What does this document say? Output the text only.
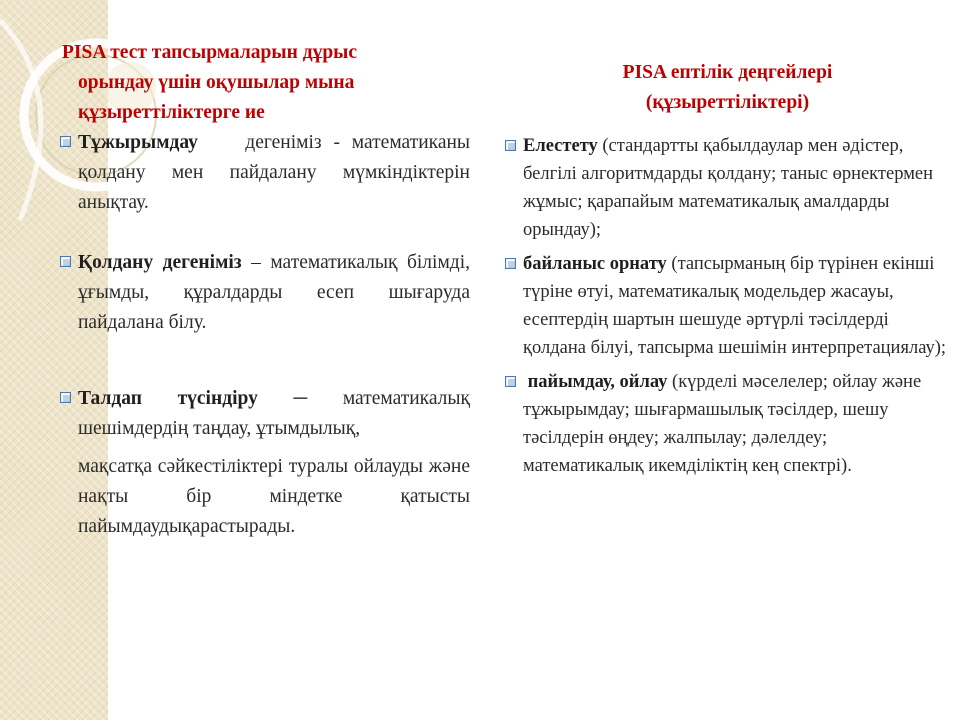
PISA тест тапсырмаларын дұрыс
орындау үшін оқушылар мына
құзыреттіліктерге ие
Тұжырымдау дегеніміз - математиканы қолдану мен пайдалану мүмкіндіктерін анықтау.
Қолдану дегеніміз – математикалық білімді, ұғымды, құралдарды есеп шығаруда пайдалана білу.
Талдап түсіндіру ─ математикалық шешімдердің таңдау, ұтымдылық,
мақсатқа сәйкестіліктері туралы ойлауды және нақты бір міндетке қатысты пайымдаудықарастырады.
PISA ептілік деңгейлері
(құзыреттіліктері)
Елестету (стандартты қабылдаулар мен әдістер, белгілі алгоритмдарды қолдану; таныс өрнектермен жұмыс; қарапайым математикалық амалдарды орындау);
байланыс орнату (тапсырманың бір түрінен екінші түріне өтуі, математикалық модельдер жасауы, есептердің шартын шешуде әртүрлі тәсілдерді қолдана білуі, тапсырма шешімін интерпретациялау);
пайымдау, ойлау (күрделі мәселелер; ойлау және тұжырымдау; шығармашылық тәсілдер, шешу тәсілдерін өңдеу; жалпылау; дәлелдеу; математикалық икемділіктің кең спектрі).
